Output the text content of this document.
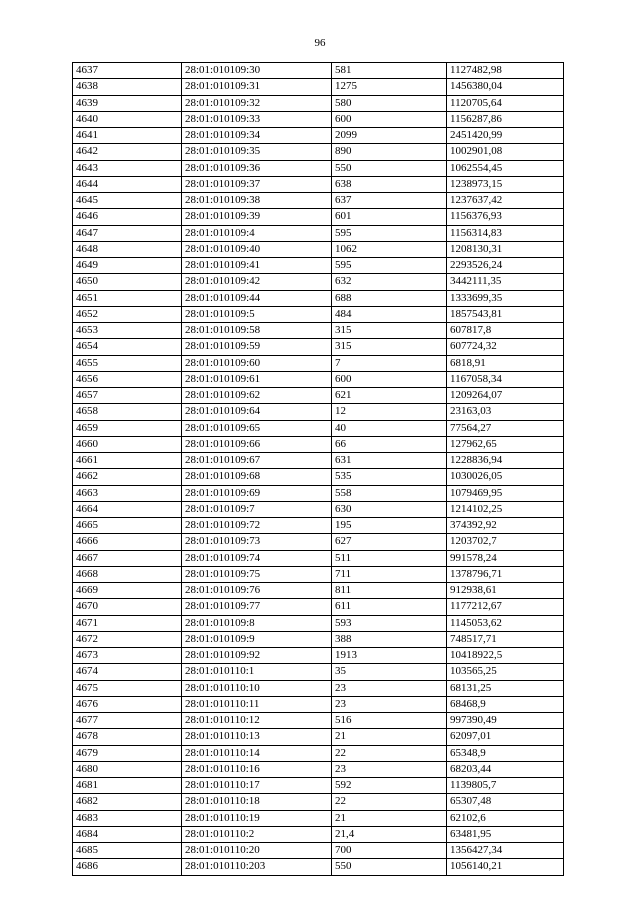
96
4637	28:01:010109:30	581	1127482,98
4638	28:01:010109:31	1275	1456380,04
4639	28:01:010109:32	580	1120705,64
4640	28:01:010109:33	600	1156287,86
4641	28:01:010109:34	2099	2451420,99
4642	28:01:010109:35	890	1002901,08
4643	28:01:010109:36	550	1062554,45
4644	28:01:010109:37	638	1238973,15
4645	28:01:010109:38	637	1237637,42
4646	28:01:010109:39	601	1156376,93
4647	28:01:010109:4	595	1156314,83
4648	28:01:010109:40	1062	1208130,31
4649	28:01:010109:41	595	2293526,24
4650	28:01:010109:42	632	3442111,35
4651	28:01:010109:44	688	1333699,35
4652	28:01:010109:5	484	1857543,81
4653	28:01:010109:58	315	607817,8
4654	28:01:010109:59	315	607724,32
4655	28:01:010109:60	7	6818,91
4656	28:01:010109:61	600	1167058,34
4657	28:01:010109:62	621	1209264,07
4658	28:01:010109:64	12	23163,03
4659	28:01:010109:65	40	77564,27
4660	28:01:010109:66	66	127962,65
4661	28:01:010109:67	631	1228836,94
4662	28:01:010109:68	535	1030026,05
4663	28:01:010109:69	558	1079469,95
4664	28:01:010109:7	630	1214102,25
4665	28:01:010109:72	195	374392,92
4666	28:01:010109:73	627	1203702,7
4667	28:01:010109:74	511	991578,24
4668	28:01:010109:75	711	1378796,71
4669	28:01:010109:76	811	912938,61
4670	28:01:010109:77	611	1177212,67
4671	28:01:010109:8	593	1145053,62
4672	28:01:010109:9	388	748517,71
4673	28:01:010109:92	1913	10418922,5
4674	28:01:010110:1	35	103565,25
4675	28:01:010110:10	23	68131,25
4676	28:01:010110:11	23	68468,9
4677	28:01:010110:12	516	997390,49
4678	28:01:010110:13	21	62097,01
4679	28:01:010110:14	22	65348,9
4680	28:01:010110:16	23	68203,44
4681	28:01:010110:17	592	1139805,7
4682	28:01:010110:18	22	65307,48
4683	28:01:010110:19	21	62102,6
4684	28:01:010110:2	21,4	63481,95
4685	28:01:010110:20	700	1356427,34
4686	28:01:010110:203	550	1056140,21
